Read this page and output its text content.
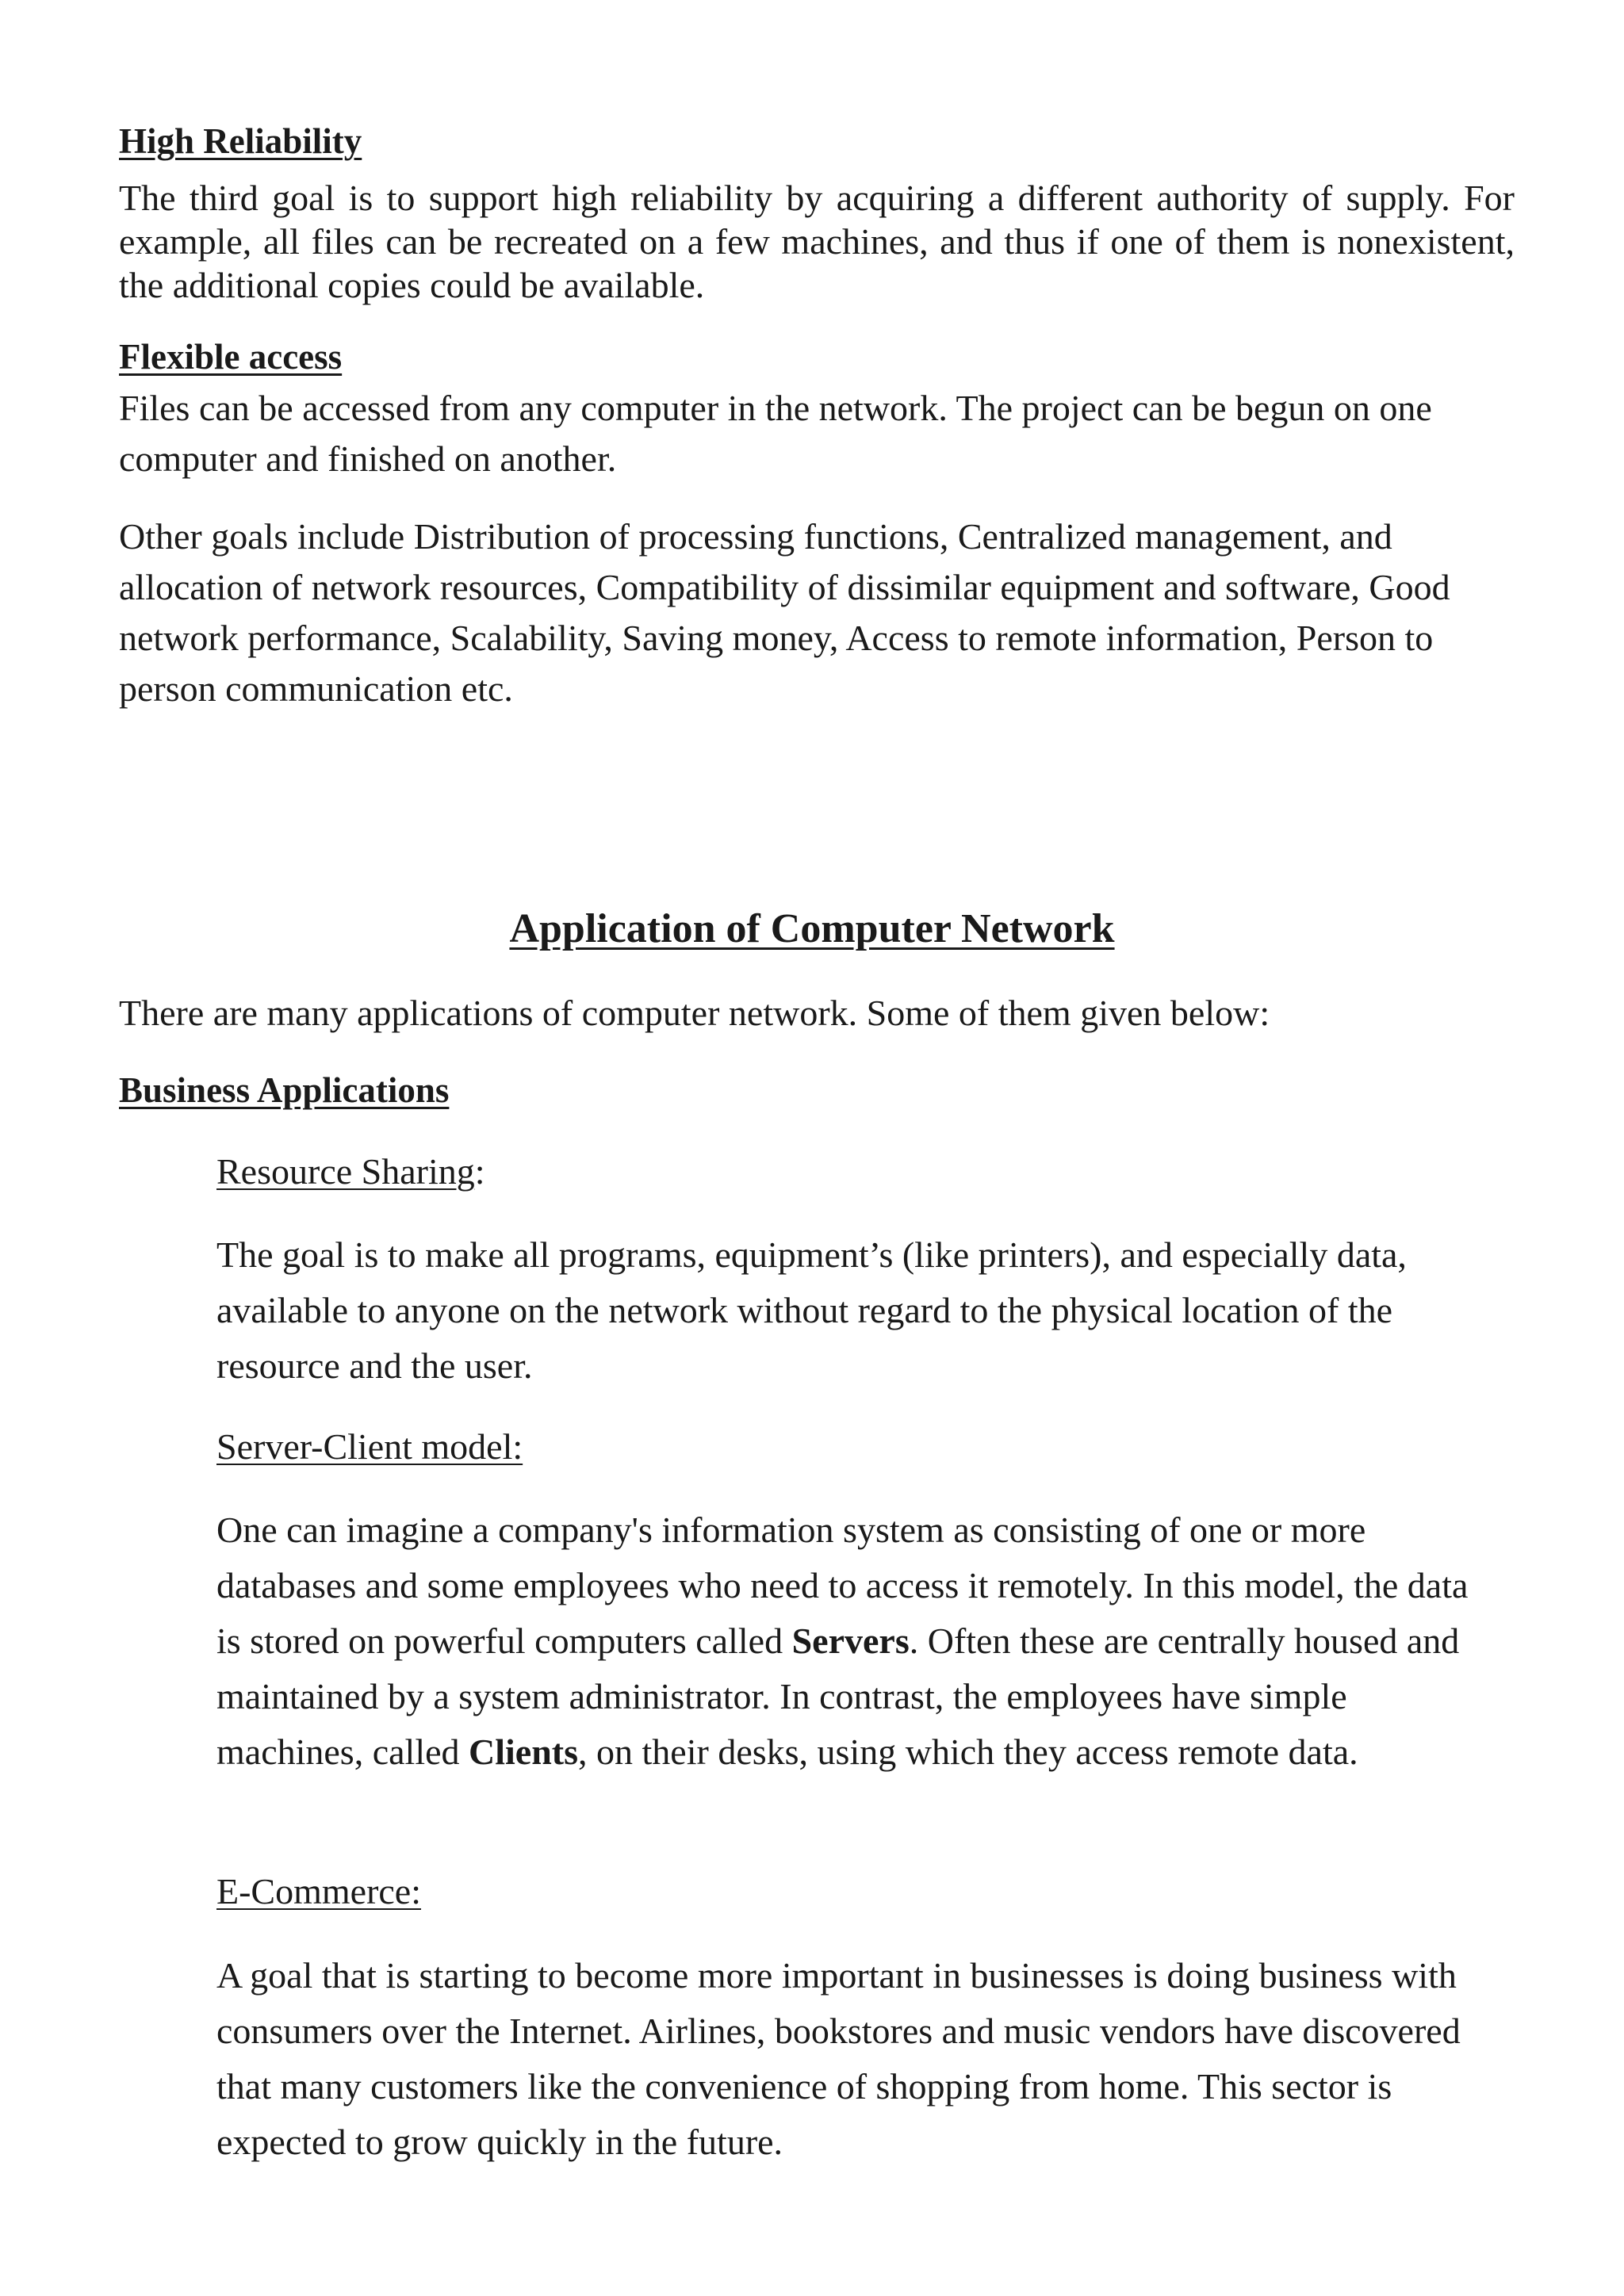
High Reliability

The third goal is to support high reliability by acquiring a different authority of supply. For example, all files can be recreated on a few machines, and thus if one of them is nonexistent, the additional copies could be available.

Flexible access

Files can be accessed from any computer in the network. The project can be begun on one computer and finished on another.

Other goals include Distribution of processing functions, Centralized management, and allocation of network resources, Compatibility of dissimilar equipment and software, Good network performance, Scalability, Saving money, Access to remote information, Person to person communication etc.

Application of Computer Network

There are many applications of computer network. Some of them given below:

Business Applications
Resource Sharing:

The goal is to make all programs, equipment’s (like printers), and especially data, available to anyone on the network without regard to the physical location of the resource and the user.

Server-Client model:

One can imagine a company's information system as consisting of one or more databases and some employees who need to access it remotely. In this model, the data is stored on powerful computers called Servers. Often these are centrally housed and maintained by a system administrator. In contrast, the employees have simple machines, called Clients, on their desks, using which they access remote data.

E-Commerce:

A goal that is starting to become more important in businesses is doing business with consumers over the Internet. Airlines, bookstores and music vendors have discovered that many customers like the convenience of shopping from home. This sector is expected to grow quickly in the future.
